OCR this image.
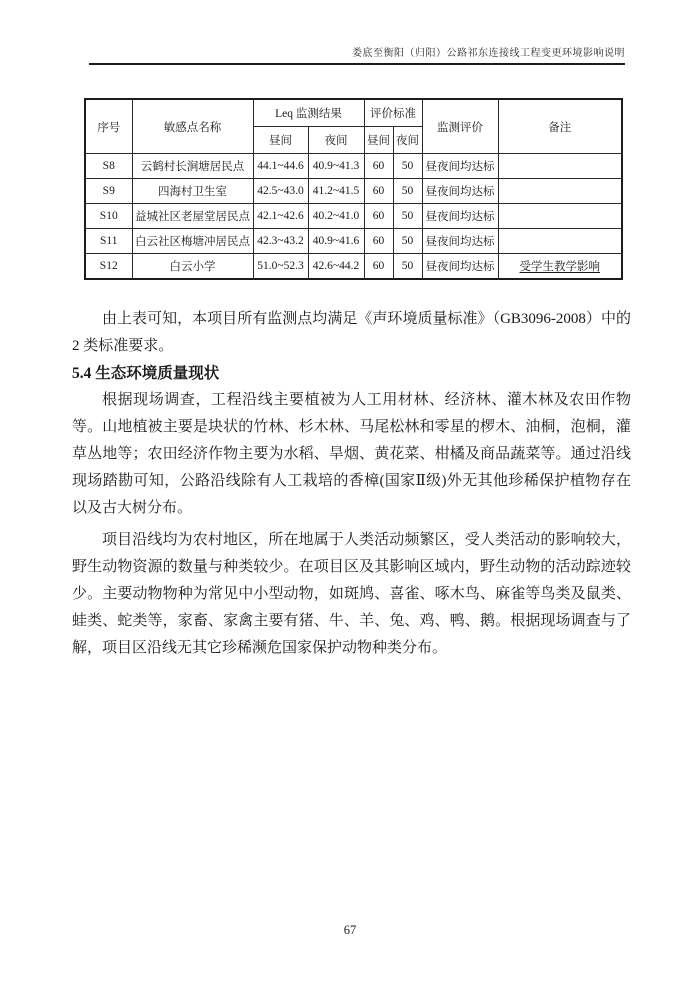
娄底至衡阳（归阳）公路祁东连接线工程变更环境影响说明
序号	敏感点名称	Leq 监测结果		评价标准		监测评价	备注
		昼间	夜间	昼间	夜间		
S8	云鹤村长涧塘居民点	44.1~44.6	40.9~41.3	60	50	昼夜间均达标	
S9	四海村卫生室	42.5~43.0	41.2~41.5	60	50	昼夜间均达标	
S10	益城社区老屋堂居民点	42.1~42.6	40.2~41.0	60	50	昼夜间均达标	
S11	白云社区梅塘冲居民点	42.3~43.2	40.9~41.6	60	50	昼夜间均达标	
S12	白云小学	51.0~52.3	42.6~44.2	60	50	昼夜间均达标	受学生教学影响

由上表可知，本项目所有监测点均满足《声环境质量标准》（GB3096-2008）中的 2 类标准要求。

5.4 生态环境质量现状

根据现场调查，工程沿线主要植被为人工用材林、经济林、灌木林及农田作物等。山地植被主要是块状的竹林、杉木林、马尾松林和零星的椤木、油桐，泡桐，灌草丛地等；农田经济作物主要为水稻、旱烟、黄花菜、柑橘及商品蔬菜等。通过沿线现场踏勘可知，公路沿线除有人工栽培的香樟(国家Ⅱ级)外无其他珍稀保护植物存在以及古大树分布。

项目沿线均为农村地区，所在地属于人类活动频繁区，受人类活动的影响较大，野生动物资源的数量与种类较少。在项目区及其影响区域内，野生动物的活动踪迹较少。主要动物物种为常见中小型动物，如斑鸠、喜雀、啄木鸟、麻雀等鸟类及鼠类、蛙类、蛇类等，家畜、家禽主要有猪、牛、羊、兔、鸡、鸭、鹅。根据现场调查与了解，项目区沿线无其它珍稀濒危国家保护动物种类分布。

67
